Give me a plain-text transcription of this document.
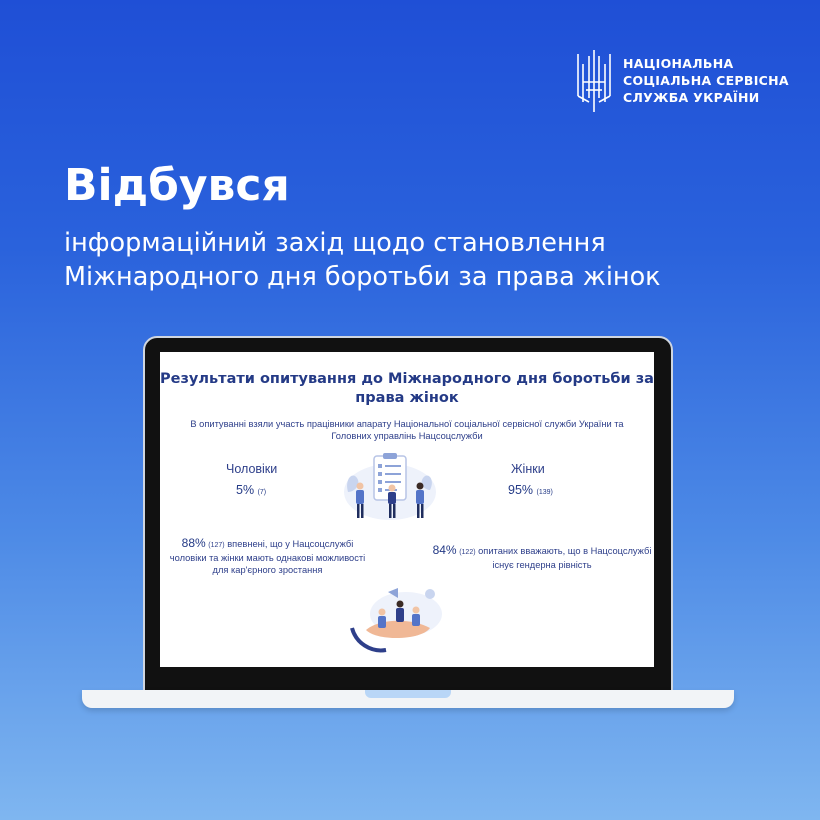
НАЦІОНАЛЬНА
СОЦІАЛЬНА СЕРВІСНА
СЛУЖБА УКРАЇНИ
Відбувся
інформаційний захід щодо становлення
Міжнародного дня боротьби за права жінок
Результати опитування до Міжнародного дня боротьби за
права жінок
В опитуванні взяли участь працівники апарату Національної соціальної сервісної служби України та
Головних управлінь Нацсоцслужби
Чоловіки
5% (7)
Жінки
95% (139)
88% (127) впевнені, що у Нацсоцслужбі
чоловіки та жінки мають однакові можливості
для кар'єрного зростання
84% (122) опитаних вважають, що в Нацсоцслужбі
існує гендерна рівність
